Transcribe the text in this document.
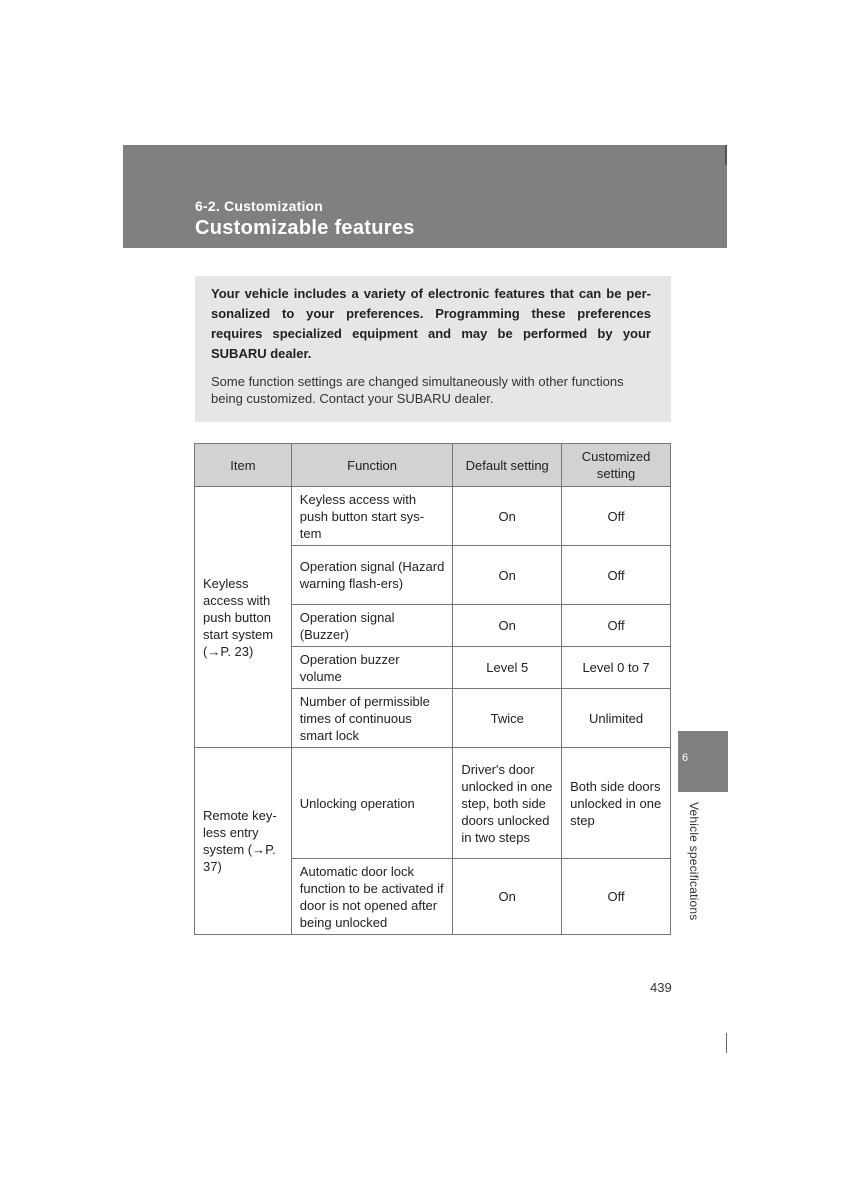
6-2. Customization
Customizable features

Your vehicle includes a variety of electronic features that can be per-sonalized to your preferences. Programming these preferences requires specialized equipment and may be performed by your SUBARU dealer.

Some function settings are changed simultaneously with other functions being customized. Contact your SUBARU dealer.

Item	Function	Default setting	Customized setting
Keyless access with push button start system (→P. 23)	Keyless access with push button start sys-tem	On	Off
	Operation signal (Hazard warning flash-ers)	On	Off
	Operation signal (Buzzer)	On	Off
	Operation buzzer volume	Level 5	Level 0 to 7
	Number of permissible times of continuous smart lock	Twice	Unlimited
Remote key-less entry system (→P. 37)	Unlocking operation	Driver's door unlocked in one step, both side doors unlocked in two steps	Both side doors unlocked in one step
	Automatic door lock function to be activated if door is not opened after being unlocked	On	Off
6
Vehicle specifications
439
